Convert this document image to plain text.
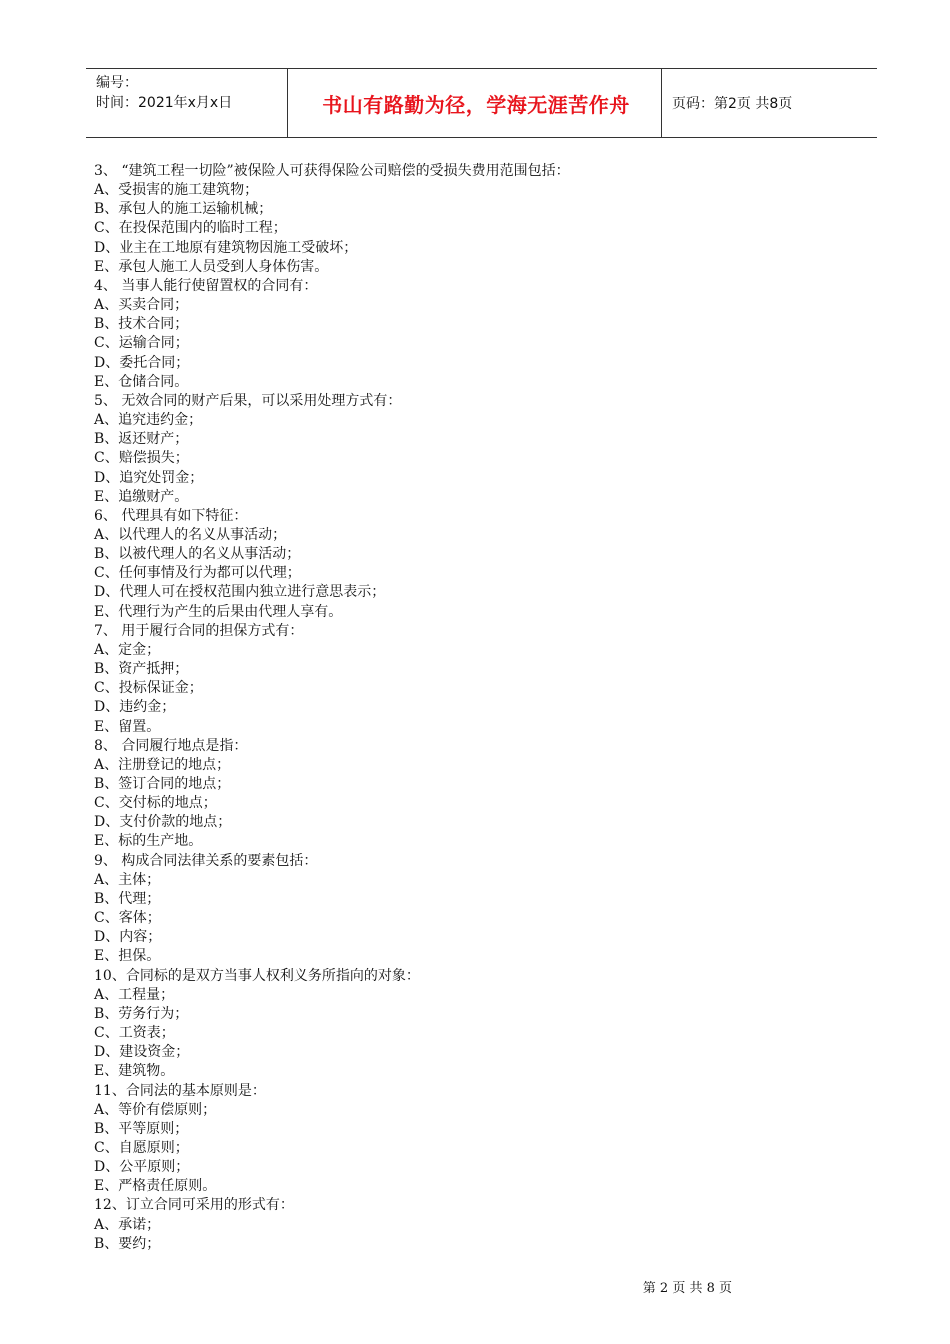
编号：
时间：2021年x月x日	书山有路勤为径，学海无涯苦作舟	页码：第2页 共8页
3、 “建筑工程一切险”被保险人可获得保险公司赔偿的受损失费用范围包括：
A、受损害的施工建筑物；
B、承包人的施工运输机械；
C、在投保范围内的临时工程；
D、业主在工地原有建筑物因施工受破坏；
E、承包人施工人员受到人身体伤害。
4、 当事人能行使留置权的合同有：
A、买卖合同；
B、技术合同；
C、运输合同；
D、委托合同；
E、仓储合同。
5、 无效合同的财产后果，可以采用处理方式有：
A、追究违约金；
B、返还财产；
C、赔偿损失；
D、追究处罚金；
E、追缴财产。
6、 代理具有如下特征：
A、以代理人的名义从事活动；
B、以被代理人的名义从事活动；
C、任何事情及行为都可以代理；
D、代理人可在授权范围内独立进行意思表示；
E、代理行为产生的后果由代理人享有。
7、 用于履行合同的担保方式有：
A、定金；
B、资产抵押；
C、投标保证金；
D、违约金；
E、留置。
8、 合同履行地点是指：
A、注册登记的地点；
B、签订合同的地点；
C、交付标的地点；
D、支付价款的地点；
E、标的生产地。
9、 构成合同法律关系的要素包括：
A、主体；
B、代理；
C、客体；
D、内容；
E、担保。
10、合同标的是双方当事人权利义务所指向的对象：
A、工程量；
B、劳务行为；
C、工资表；
D、建设资金；
E、建筑物。
11、合同法的基本原则是：
A、等价有偿原则；
B、平等原则；
C、自愿原则；
D、公平原则；
E、严格责任原则。
12、订立合同可采用的形式有：
A、承诺；
B、要约；
第 2 页 共 8 页
